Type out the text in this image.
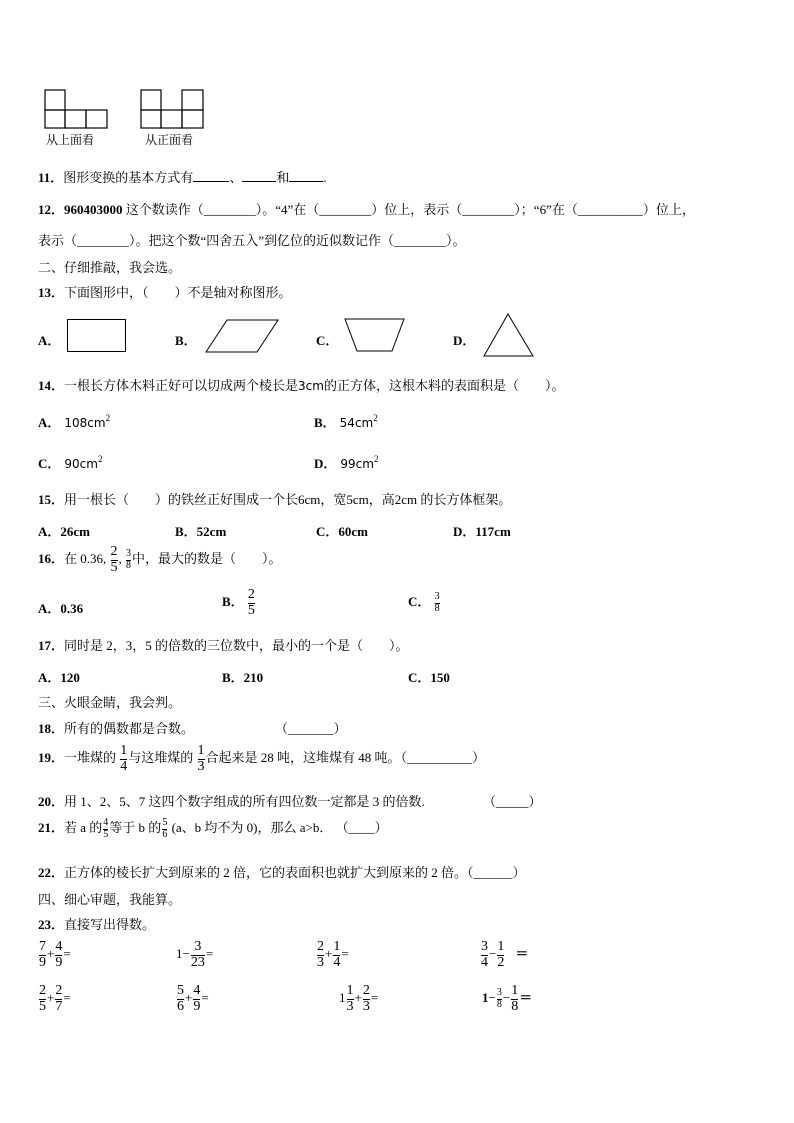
从上面看	从正面看
11．图形变换的基本方式有	、	和	.
12．960403000 这个数读作（________）。“4”在（________）位上，表示（________）；“6”在（__________）位上，
表示（________）。把这个数“四舍五入”到亿位的近似数记作（________）。
二、仔细推敲，我会选。
13．下面图形中，（　　）不是轴对称图形。
A．	B．	C．	D．
14．一根长方体木料正好可以切成两个棱长是3cm的正方体，这根木料的表面积是（　　）。
A． $108cm^2$	B． $54cm^2$
C． $90cm^2$	D． $99cm^2$
15．用一根长（　　）的铁丝正好围成一个长6cm，宽5cm，高2cm 的长方体框架。
A．26cm	B．52cm	C．60cm	D．117cm
16．在 0.36, $\frac{2}{5}$ , $\frac{3}{8}$ 中，最大的数是（　　）。
A．0.36	B． $\frac{2}{5}$	C． $\frac{3}{8}$
17．同时是 2，3，5 的倍数的三位数中，最小的一个是（　　）。
A．120	B．210	C．150
三、火眼金睛，我会判。
18．所有的偶数都是合数。	（_______）
19．一堆煤的 $\frac{1}{4}$ 与这堆煤的 $\frac{1}{3}$ 合起来是 28 吨，这堆煤有 48 吨。（__________）
20．用 1、2、5、7 这四个数字组成的所有四位数一定都是 3 的倍数.	（_____）
21．若 a 的 $\frac{4}{5}$ 等于 b 的 $\frac{5}{6} (a$、b 均不为 0)，那么 a>b． （____）
22．正方体的棱长扩大到原来的 2 倍，它的表面积也就扩大到原来的 2 倍。（______）
四、细心审题，我能算。
23．直接写出得数。
$\frac{7}{9} + \frac{4}{9}$ =	$1- \frac{3}{23}$ =	$\frac{2}{3} + \frac{1}{4}$ =	$\frac{3}{4} - \frac{1}{2}$ ＝
$\frac{2}{5} + \frac{2}{7}$ =	$\frac{5}{6} + \frac{4}{9}$ =	$1 \frac{1}{3} + \frac{2}{3}$ =	$1- \frac{3}{8} - \frac{1}{8}$ ＝
